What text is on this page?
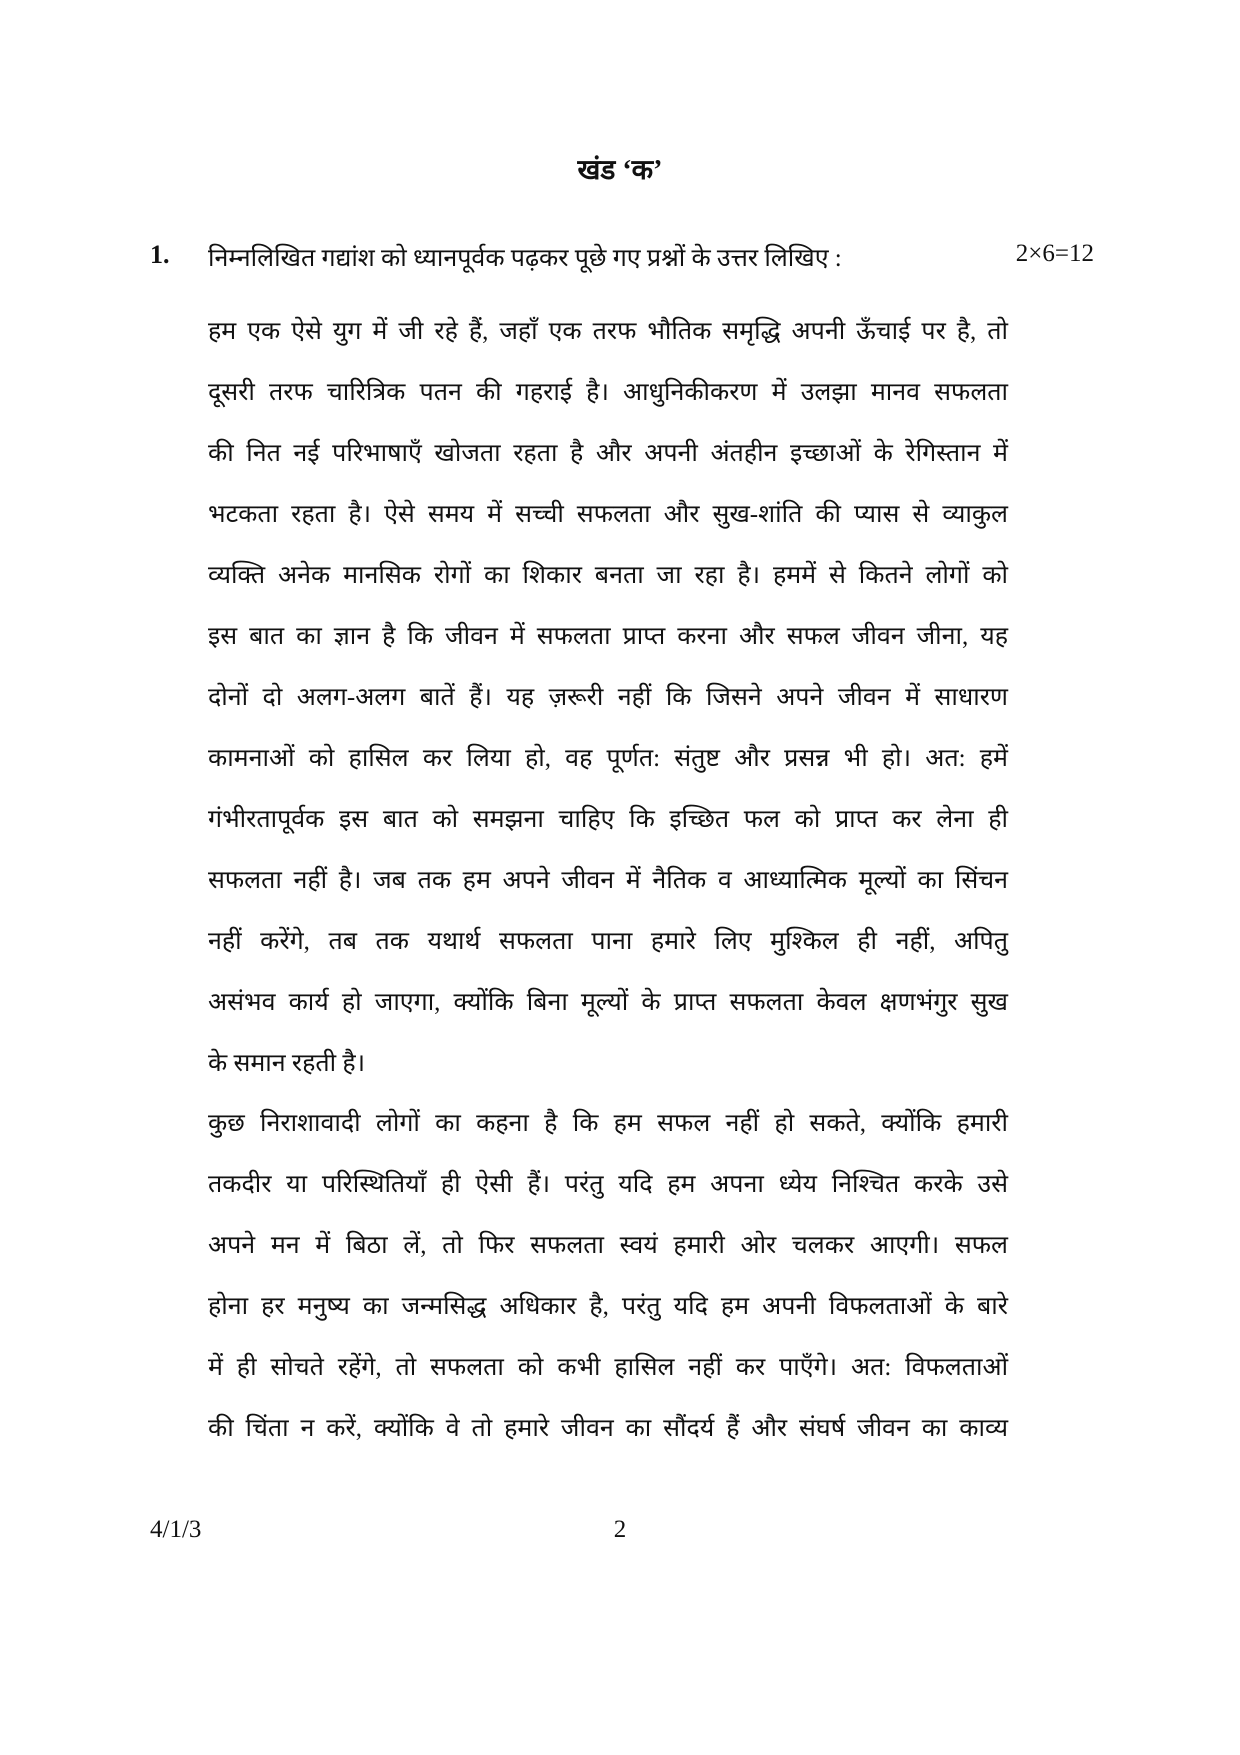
खंड ‘क’
1. निम्नलिखित गद्यांश को ध्यानपूर्वक पढ़कर पूछे गए प्रश्नों के उत्तर लिखिए :	2×6=12
हम एक ऐसे युग में जी रहे हैं, जहाँ एक तरफ भौतिक समृद्धि अपनी ऊँचाई पर है, तो
दूसरी तरफ चारित्रिक पतन की गहराई है। आधुनिकीकरण में उलझा मानव सफलता
की नित नई परिभाषाएँ खोजता रहता है और अपनी अंतहीन इच्छाओं के रेगिस्तान में
भटकता रहता है। ऐसे समय में सच्ची सफलता और सुख-शांति की प्यास से व्याकुल
व्यक्ति अनेक मानसिक रोगों का शिकार बनता जा रहा है। हममें से कितने लोगों को
इस बात का ज्ञान है कि जीवन में सफलता प्राप्त करना और सफल जीवन जीना, यह
दोनों दो अलग-अलग बातें हैं। यह ज़रूरी नहीं कि जिसने अपने जीवन में साधारण
कामनाओं को हासिल कर लिया हो, वह पूर्णत: संतुष्ट और प्रसन्न भी हो। अत: हमें
गंभीरतापूर्वक इस बात को समझना चाहिए कि इच्छित फल को प्राप्त कर लेना ही
सफलता नहीं है। जब तक हम अपने जीवन में नैतिक व आध्यात्मिक मूल्यों का सिंचन
नहीं करेंगे, तब तक यथार्थ सफलता पाना हमारे लिए मुश्किल ही नहीं, अपितु
असंभव कार्य हो जाएगा, क्योंकि बिना मूल्यों के प्राप्त सफलता केवल क्षणभंगुर सुख
के समान रहती है।
कुछ निराशावादी लोगों का कहना है कि हम सफल नहीं हो सकते, क्योंकि हमारी
तकदीर या परिस्थितियाँ ही ऐसी हैं। परंतु यदि हम अपना ध्येय निश्चित करके उसे
अपने मन में बिठा लें, तो फिर सफलता स्वयं हमारी ओर चलकर आएगी। सफल
होना हर मनुष्य का जन्मसिद्ध अधिकार है, परंतु यदि हम अपनी विफलताओं के बारे
में ही सोचते रहेंगे, तो सफलता को कभी हासिल नहीं कर पाएँगे। अत: विफलताओं
की चिंता न करें, क्योंकि वे तो हमारे जीवन का सौंदर्य हैं और संघर्ष जीवन का काव्य
4/1/3	2
